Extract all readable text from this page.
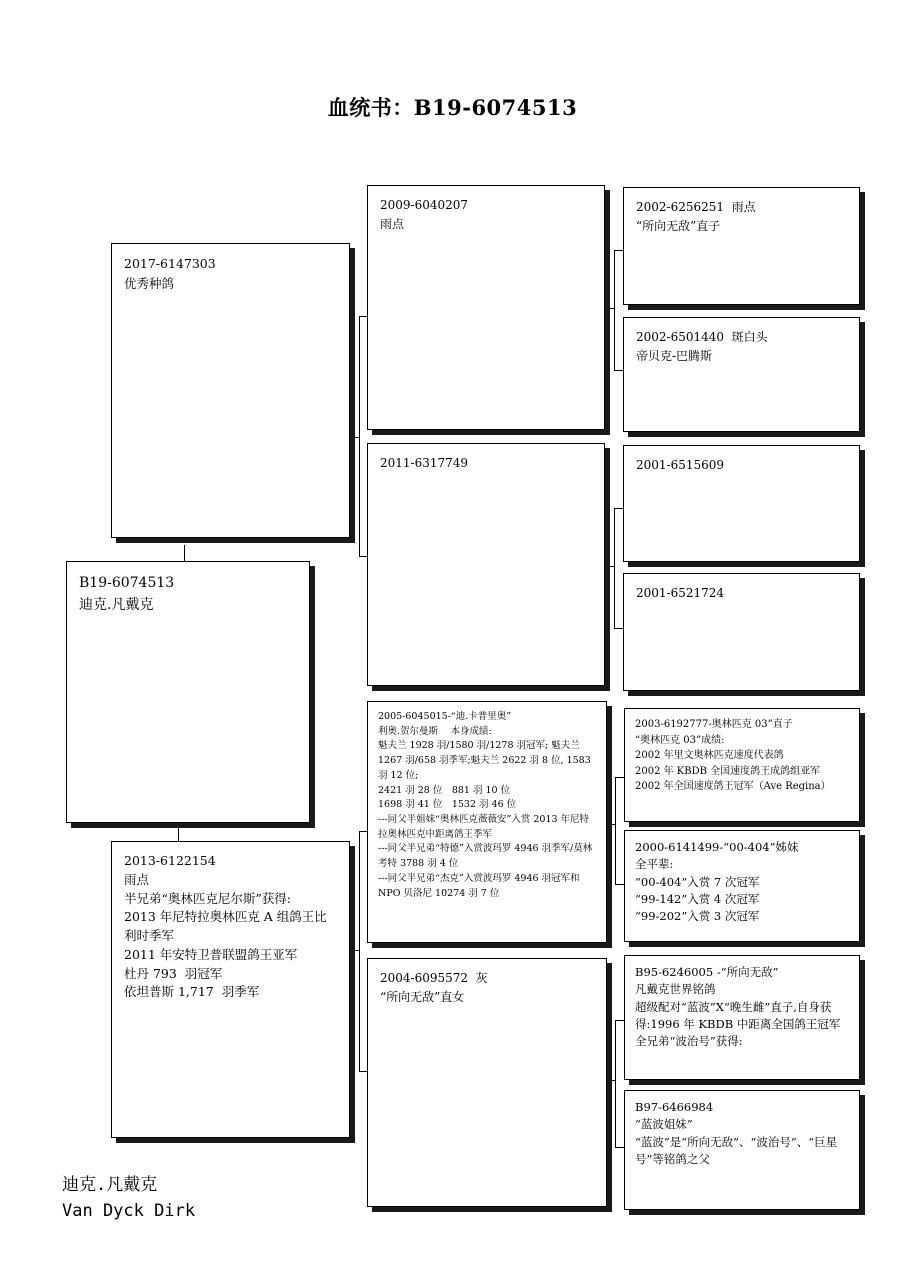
血统书：B19-6074513
B19-6074513
迪克.凡戴克
2017-6147303
优秀种鸽
2013-6122154
雨点
半兄弟“奥林匹克尼尔斯”获得:
2013 年尼特拉奥林匹克 A 组鸽王比利时季军
2011 年安特卫普联盟鸽王亚军
杜丹 793  羽冠军
依坦普斯 1,717  羽季军
2009-6040207
雨点
2011-6317749
2005-6045015-“迪.卡普里奥”
利奥.贺尔曼斯　 本身成绩:
魁夫兰 1928 羽/1580 羽/1278 羽冠军; 魁夫兰 1267 羽/658 羽季军;魁夫兰 2622 羽 8 位, 1583 羽 12 位;
2421 羽 28 位　881 羽 10 位
1698 羽 41 位　1532 羽 46 位
---同父半姐妹“奥林匹克薇薇安”入赏 2013 年尼特拉奥林匹克中距离鸽王季军
---同父半兄弟“特德”入赏波玛罗 4946 羽季军/莫林考特 3788 羽 4 位
---同父半兄弟“杰克”入赏波玛罗 4946 羽冠军和 NPO 贝洛尼 10274 羽 7 位
2004-6095572  灰
“所向无敌”直女
2002-6256251  雨点
“所向无敌”直子
2002-6501440  斑白头
帝贝克-巴腾斯
2001-6515609
2001-6521724
2003-6192777-奥林匹克 03”直子
“奥林匹克 03”成绩:
2002 年里文奥林匹克速度代表鸽
2002 年 KBDB 全国速度鸽王成鸽组亚军
2002 年全国速度鸽王冠军（Ave Regina）
2000-6141499-“00-404”姊妹
全平辈:
“00-404”入赏 7 次冠军
“99-142”入赏 4 次冠军
“99-202”入赏 3 次冠军
B95-6246005 -“所向无敌”
凡戴克世界铭鸽
超级配对“蓝波”X“晚生雌”直子,自身获得:1996 年 KBDB 中距离全国鸽王冠军
全兄弟“波治号”获得:
B97-6466984
“蓝波姐妹”
“蓝波”是“所向无敌”、“波治号”、“巨星号”等铭鸽之父
迪克.凡戴克
Van Dyck Dirk
